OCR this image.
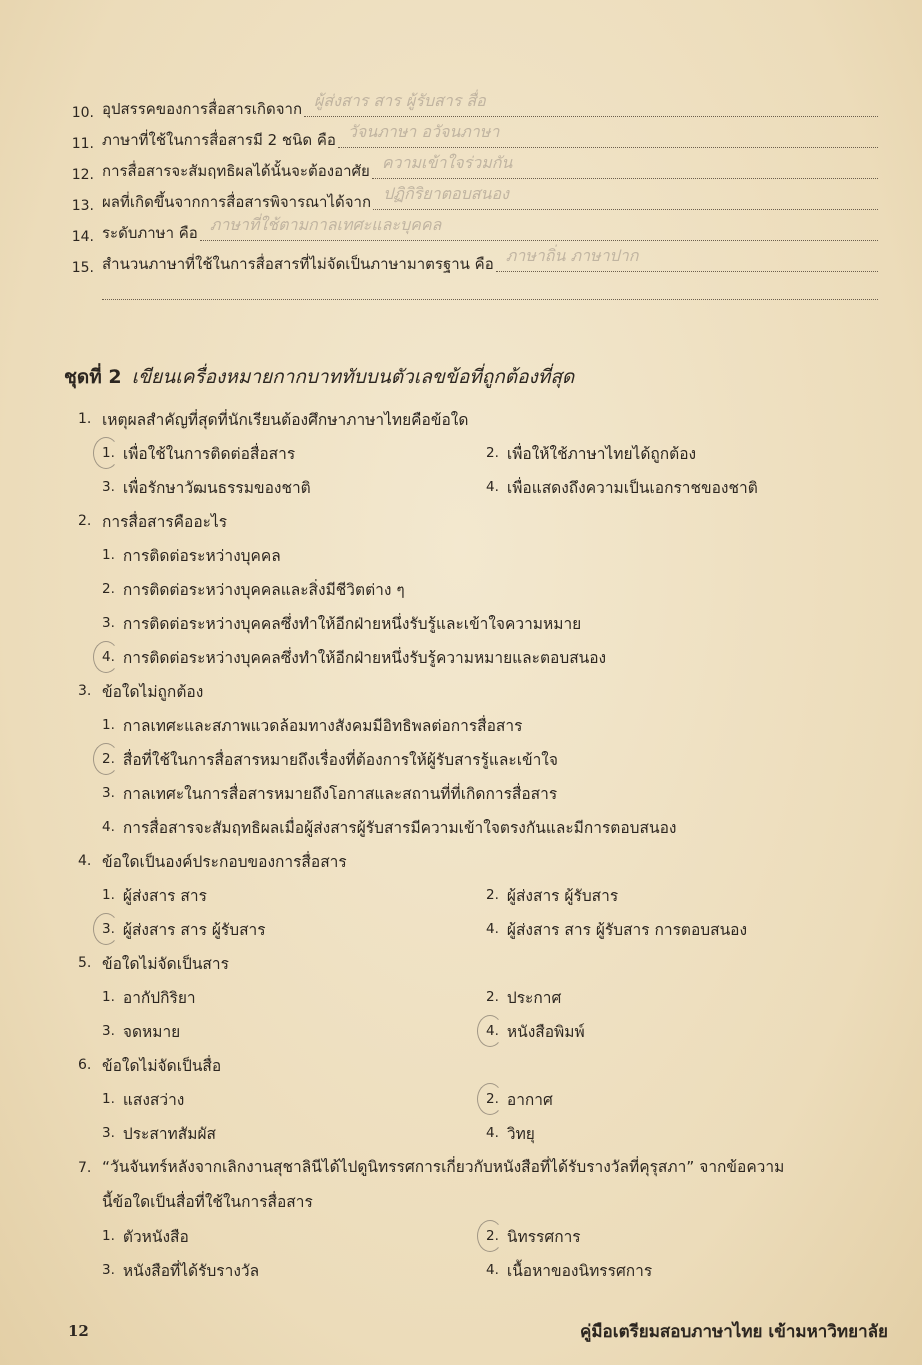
10. อุปสรรคของการสื่อสารเกิดจาก ผู้ส่งสาร สาร ผู้รับสาร สื่อ
11. ภาษาที่ใช้ในการสื่อสารมี 2 ชนิด คือ วัจนภาษา อวัจนภาษา
12. การสื่อสารจะสัมฤทธิผลได้นั้นจะต้องอาศัย ความเข้าใจร่วมกัน
13. ผลที่เกิดขึ้นจากการสื่อสารพิจารณาได้จาก ปฏิกิริยาตอบสนอง
14. ระดับภาษา คือ ภาษาที่ใช้ตามกาลเทศะและบุคคล
15. สำนวนภาษาที่ใช้ในการสื่อสารที่ไม่จัดเป็นภาษามาตรฐาน คือ ภาษาถิ่น ภาษาปาก
ชุดที่ 2 เขียนเครื่องหมายกากบาททับบนตัวเลขข้อที่ถูกต้องที่สุด
1. เหตุผลสำคัญที่สุดที่นักเรียนต้องศึกษาภาษาไทยคือข้อใด
1. เพื่อใช้ในการติดต่อสื่อสาร	2. เพื่อให้ใช้ภาษาไทยได้ถูกต้อง
3. เพื่อรักษาวัฒนธรรมของชาติ	4. เพื่อแสดงถึงความเป็นเอกราชของชาติ
2. การสื่อสารคืออะไร
1. การติดต่อระหว่างบุคคล
2. การติดต่อระหว่างบุคคลและสิ่งมีชีวิตต่าง ๆ
3. การติดต่อระหว่างบุคคลซึ่งทำให้อีกฝ่ายหนึ่งรับรู้และเข้าใจความหมาย
4. การติดต่อระหว่างบุคคลซึ่งทำให้อีกฝ่ายหนึ่งรับรู้ความหมายและตอบสนอง
3. ข้อใดไม่ถูกต้อง
1. กาลเทศะและสภาพแวดล้อมทางสังคมมีอิทธิพลต่อการสื่อสาร
2. สื่อที่ใช้ในการสื่อสารหมายถึงเรื่องที่ต้องการให้ผู้รับสารรู้และเข้าใจ
3. กาลเทศะในการสื่อสารหมายถึงโอกาสและสถานที่ที่เกิดการสื่อสาร
4. การสื่อสารจะสัมฤทธิผลเมื่อผู้ส่งสารผู้รับสารมีความเข้าใจตรงกันและมีการตอบสนอง
4. ข้อใดเป็นองค์ประกอบของการสื่อสาร
1. ผู้ส่งสาร สาร	2. ผู้ส่งสาร ผู้รับสาร
3. ผู้ส่งสาร สาร ผู้รับสาร	4. ผู้ส่งสาร สาร ผู้รับสาร การตอบสนอง
5. ข้อใดไม่จัดเป็นสาร
1. อากัปกิริยา	2. ประกาศ
3. จดหมาย	4. หนังสือพิมพ์
6. ข้อใดไม่จัดเป็นสื่อ
1. แสงสว่าง	2. อากาศ
3. ประสาทสัมผัส	4. วิทยุ
7. “วันจันทร์หลังจากเลิกงานสุชาลินีได้ไปดูนิทรรศการเกี่ยวกับหนังสือที่ได้รับรางวัลที่คุรุสภา” จากข้อความ
นี้ข้อใดเป็นสื่อที่ใช้ในการสื่อสาร
1. ตัวหนังสือ	2. นิทรรศการ
3. หนังสือที่ได้รับรางวัล	4. เนื้อหาของนิทรรศการ
12	คู่มือเตรียมสอบภาษาไทย เข้ามหาวิทยาลัย
